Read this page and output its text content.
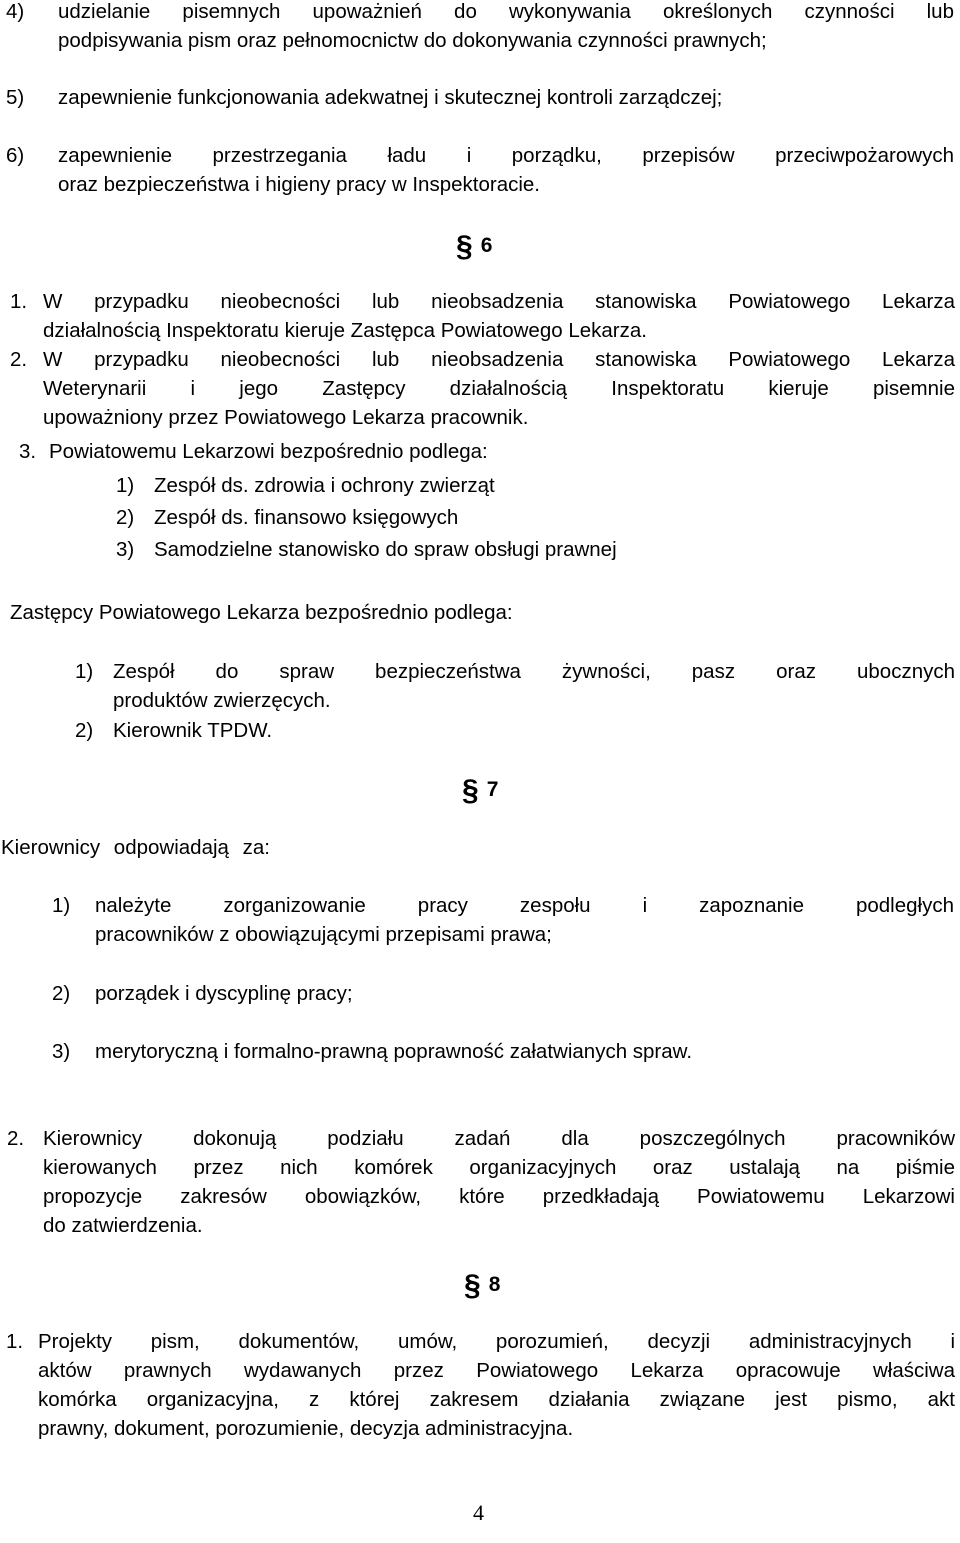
4) udzielanie pisemnych upoważnień do wykonywania określonych czynności lub
podpisywania pism oraz pełnomocnictw do dokonywania czynności prawnych;
5) zapewnienie funkcjonowania adekwatnej i skutecznej kontroli zarządczej;
6) zapewnienie przestrzegania ładu i porządku, przepisów przeciwpożarowych
oraz bezpieczeństwa i higieny pracy w Inspektoracie.
§ 6
1. W przypadku nieobecności lub nieobsadzenia stanowiska Powiatowego Lekarza
działalnością Inspektoratu kieruje Zastępca Powiatowego Lekarza.
2. W przypadku nieobecności lub nieobsadzenia stanowiska Powiatowego Lekarza
Weterynarii i jego Zastępcy działalnością Inspektoratu kieruje pisemnie
upoważniony przez Powiatowego Lekarza pracownik.
3. Powiatowemu Lekarzowi bezpośrednio podlega:
1) Zespół ds. zdrowia i ochrony zwierząt
2) Zespół ds. finansowo księgowych
3) Samodzielne stanowisko do spraw obsługi prawnej
Zastępcy Powiatowego Lekarza bezpośrednio podlega:
1) Zespół do spraw bezpieczeństwa żywności, pasz oraz ubocznych
produktów zwierzęcych.
2) Kierownik TPDW.
§ 7
Kierownicy odpowiadają za:
1) należyte zorganizowanie pracy zespołu i zapoznanie podległych
pracowników z obowiązującymi przepisami prawa;
2) porządek i dyscyplinę pracy;
3) merytoryczną i formalno-prawną poprawność załatwianych spraw.
2. Kierownicy dokonują podziału zadań dla poszczególnych pracowników
kierowanych przez nich komórek organizacyjnych oraz ustalają na piśmie
propozycje zakresów obowiązków, które przedkładają Powiatowemu Lekarzowi
do zatwierdzenia.
§ 8
1. Projekty pism, dokumentów, umów, porozumień, decyzji administracyjnych i
aktów prawnych wydawanych przez Powiatowego Lekarza opracowuje właściwa
komórka organizacyjna, z której zakresem działania związane jest pismo, akt
prawny, dokument, porozumienie, decyzja administracyjna.
4
